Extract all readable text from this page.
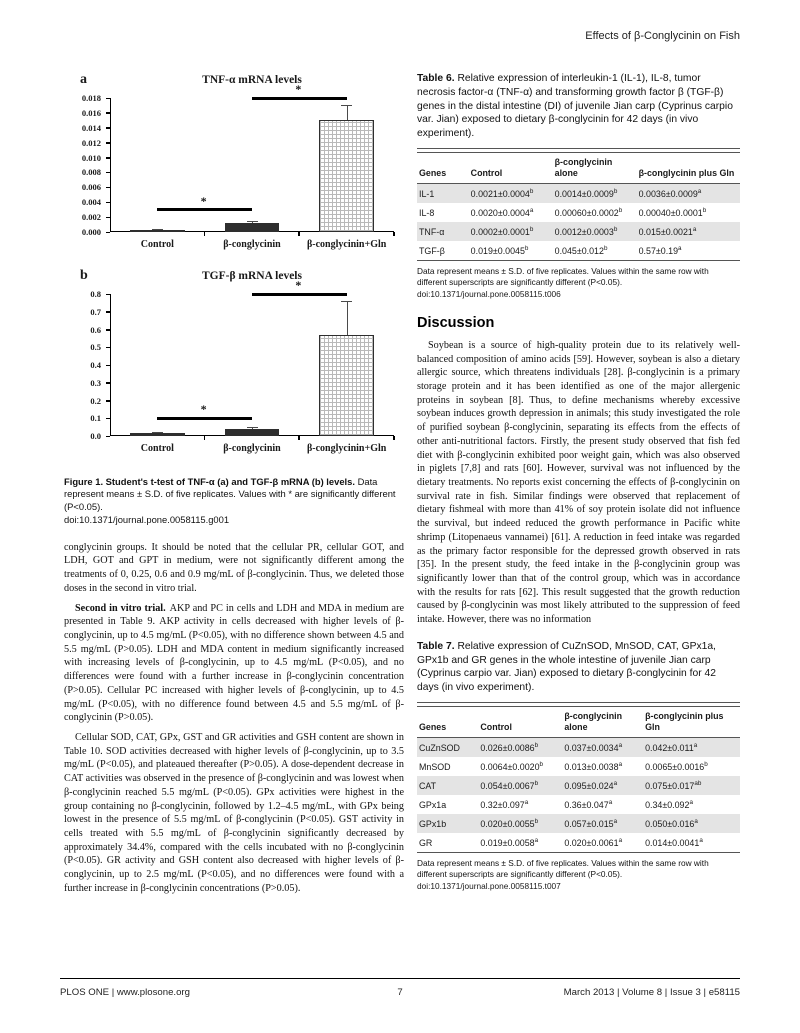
Effects of β-Conglycinin on Fish
a	TNF-α mRNA levels
0.000
0.002
0.004
0.006
0.008
0.010
0.012
0.014
0.016
0.018
Control	β-conglycinin	β-conglycinin+Gln
*
*
b	TGF-β mRNA levels
0.0
0.1
0.2
0.3
0.4
0.5
0.6
0.7
0.8
Control	β-conglycinin	β-conglycinin+Gln
*
*
Figure 1. Student's t-test of TNF-α (a) and TGF-β mRNA (b) levels. Data represent means ± S.D. of five replicates. Values with * are significantly different (P<0.05).
doi:10.1371/journal.pone.0058115.g001

conglycinin groups. It should be noted that the cellular PR, cellular GOT, and LDH, GOT and GPT in medium, were not significantly different among the treatments of 0, 0.25, 0.6 and 0.9 mg/mL of β-conglycinin. Thus, we deleted those doses in the second in vitro trial.

Second in vitro trial. AKP and PC in cells and LDH and MDA in medium are presented in Table 9. AKP activity in cells decreased with higher levels of β-conglycinin, up to 4.5 mg/mL (P<0.05), with no difference shown between 4.5 and 5.5 mg/mL (P>0.05). LDH and MDA content in medium significantly increased with increasing levels of β-conglycinin, up to 4.5 mg/mL (P<0.05), and no differences were found with a further increase in β-conglycinin concentration (P>0.05). Cellular PC increased with higher levels of β-conglycinin, up to 4.5 mg/mL (P<0.05), with no difference found between 4.5 and 5.5 mg/mL of β-conglycinin (P>0.05).

Cellular SOD, CAT, GPx, GST and GR activities and GSH content are shown in Table 10. SOD activities decreased with higher levels of β-conglycinin, up to 3.5 mg/mL (P<0.05), and plateaued thereafter (P>0.05). A dose-dependent decrease in CAT activities was observed in the presence of β-conglycinin and was lowest when β-conglycinin reached 5.5 mg/mL (P<0.05). GPx activities were highest in the group containing no β-conglycinin, followed by 1.2–4.5 mg/mL, with GPx being lowest in the presence of 5.5 mg/mL of β-conglycinin (P<0.05). GST activity in cells treated with 5.5 mg/mL of β-conglycinin significantly decreased by approximately 34.4%, compared with the cells incubated with no β-conglycinin (P<0.05). GR activity and GSH content also decreased with higher levels of β-conglycinin, up to 2.5 mg/mL (P<0.05), and no differences were found with a further increase in β-conglycinin concentrations (P>0.05).

Table 6. Relative expression of interleukin-1 (IL-1), IL-8, tumor necrosis factor-α (TNF-α) and transforming growth factor β (TGF-β) genes in the distal intestine (DI) of juvenile Jian carp (Cyprinus carpio var. Jian) exposed to dietary β-conglycinin for 42 days (in vivo experiment).
Genes	Control	β-conglycinin alone	β-conglycinin plus Gln
IL-1	0.0021±0.0004$^b$	0.0014±0.0009$^b$	0.0036±0.0009$^a$
IL-8	0.0020±0.0004$^a$	0.00060±0.0002$^b$	0.00040±0.0001$^b$
TNF-α	0.0002±0.0001$^b$	0.0012±0.0003$^b$	0.015±0.0021$^a$
TGF-β	0.019±0.0045$^b$	0.045±0.012$^b$	0.57±0.19$^a$
Data represent means ± S.D. of five replicates. Values within the same row with different superscripts are significantly different (P<0.05).
doi:10.1371/journal.pone.0058115.t006
Discussion

Soybean is a source of high-quality protein due to its relatively well-balanced composition of amino acids [59]. However, soybean is also a dietary allergic source, which threatens individuals [28]. β-conglycinin is a primary storage protein and it has been identified as one of the major allergenic proteins in soybean [8]. Thus, to define mechanisms whereby excessive soybean induces growth depression in animals; this study investigated the role of purified soybean β-conglycinin, separating its effects from the effects of other anti-nutritional factors. Firstly, the present study observed that fish fed diet with β-conglycinin exhibited poor weight gain, which was also observed in piglets [7,8] and rats [60]. However, survival was not influenced by the dietary treatments. No reports exist concerning the effects of β-conglycinin on survival rate in fish. Similar findings were observed that replacement of dietary fishmeal with more than 41% of soy protein isolate did not influence the survival, but indeed reduced the growth performance in Pacific white shrimp (Litopenaeus vannamei) [61]. A reduction in feed intake was regarded as the primary factor responsible for the depressed growth observed in rats [35]. In the present study, the feed intake in the β-conglycinin group was significantly lower than that of the control group, which was in accordance with the results for rats [62]. This result suggested that the growth reduction caused by β-conglycinin was most likely attributed to the suppression of feed intake. However, there was no information

Table 7. Relative expression of CuZnSOD, MnSOD, CAT, GPx1a, GPx1b and GR genes in the whole intestine of juvenile Jian carp (Cyprinus carpio var. Jian) exposed to dietary β-conglycinin for 42 days (in vivo experiment).
Genes	Control	β-conglycinin alone	β-conglycinin plus Gln
CuZnSOD	0.026±0.0086$^b$	0.037±0.0034$^a$	0.042±0.011$^a$
MnSOD	0.0064±0.0020$^b$	0.013±0.0038$^a$	0.0065±0.0016$^b$
CAT	0.054±0.0067$^b$	0.095±0.024$^a$	0.075±0.017$^{ab}$
GPx1a	0.32±0.097$^a$	0.36±0.047$^a$	0.34±0.092$^a$
GPx1b	0.020±0.0055$^b$	0.057±0.015$^a$	0.050±0.016$^a$
GR	0.019±0.0058$^a$	0.020±0.0061$^a$	0.014±0.0041$^a$
Data represent means ± S.D. of five replicates. Values within the same row with different superscripts are significantly different (P<0.05).
doi:10.1371/journal.pone.0058115.t007
PLOS ONE | www.plosone.org	7	March 2013 | Volume 8 | Issue 3 | e58115
